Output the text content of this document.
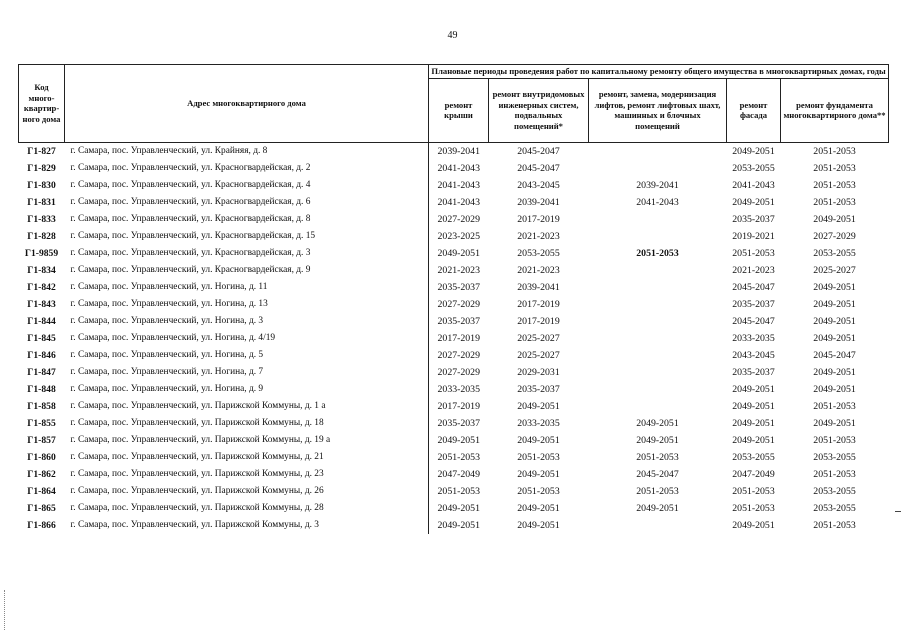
49
Код много-квартир-ного дома	Адрес многоквартирного дома	Плановые периоды проведения работ по капитальному ремонту общего имущества в многоквартирных домах, годы				
		ремонт крыши	ремонт внутридомовых инженерных систем, подвальных помещений*	ремонт, замена, модернизация лифтов, ремонт лифтовых шахт, машинных и блочных помещений	ремонт фасада	ремонт фундамента многоквартирного дома**
Г1-827	г. Самара, пос. Управленческий, ул. Крайняя, д. 8	2039-2041	2045-2047		2049-2051	2051-2053
Г1-829	г. Самара, пос. Управленческий, ул. Красногвардейская, д. 2	2041-2043	2045-2047		2053-2055	2051-2053
Г1-830	г. Самара, пос. Управленческий, ул. Красногвардейская, д. 4	2041-2043	2043-2045	2039-2041	2041-2043	2051-2053
Г1-831	г. Самара, пос. Управленческий, ул. Красногвардейская, д. 6	2041-2043	2039-2041	2041-2043	2049-2051	2051-2053
Г1-833	г. Самара, пос. Управленческий, ул. Красногвардейская, д. 8	2027-2029	2017-2019		2035-2037	2049-2051
Г1-828	г. Самара, пос. Управленческий, ул. Красногвардейская, д. 15	2023-2025	2021-2023		2019-2021	2027-2029
Г1-9859	г. Самара, пос. Управленческий, ул. Красногвардейская, д. 3	2049-2051	2053-2055	2051-2053	2051-2053	2053-2055
Г1-834	г. Самара, пос. Управленческий, ул. Красногвардейская, д. 9	2021-2023	2021-2023		2021-2023	2025-2027
Г1-842	г. Самара, пос. Управленческий, ул. Ногина, д. 11	2035-2037	2039-2041		2045-2047	2049-2051
Г1-843	г. Самара, пос. Управленческий, ул. Ногина, д. 13	2027-2029	2017-2019		2035-2037	2049-2051
Г1-844	г. Самара, пос. Управленческий, ул. Ногина, д. 3	2035-2037	2017-2019		2045-2047	2049-2051
Г1-845	г. Самара, пос. Управленческий, ул. Ногина, д. 4/19	2017-2019	2025-2027		2033-2035	2049-2051
Г1-846	г. Самара, пос. Управленческий, ул. Ногина, д. 5	2027-2029	2025-2027		2043-2045	2045-2047
Г1-847	г. Самара, пос. Управленческий, ул. Ногина, д. 7	2027-2029	2029-2031		2035-2037	2049-2051
Г1-848	г. Самара, пос. Управленческий, ул. Ногина, д. 9	2033-2035	2035-2037		2049-2051	2049-2051
Г1-858	г. Самара, пос. Управленческий, ул. Парижской Коммуны, д. 1 а	2017-2019	2049-2051		2049-2051	2051-2053
Г1-855	г. Самара, пос. Управленческий, ул. Парижской Коммуны, д. 18	2035-2037	2033-2035	2049-2051	2049-2051	2049-2051
Г1-857	г. Самара, пос. Управленческий, ул. Парижской Коммуны, д. 19 а	2049-2051	2049-2051	2049-2051	2049-2051	2051-2053
Г1-860	г. Самара, пос. Управленческий, ул. Парижской Коммуны, д. 21	2051-2053	2051-2053	2051-2053	2053-2055	2053-2055
Г1-862	г. Самара, пос. Управленческий, ул. Парижской Коммуны, д. 23	2047-2049	2049-2051	2045-2047	2047-2049	2051-2053
Г1-864	г. Самара, пос. Управленческий, ул. Парижской Коммуны, д. 26	2051-2053	2051-2053	2051-2053	2051-2053	2053-2055
Г1-865	г. Самара, пос. Управленческий, ул. Парижской Коммуны, д. 28	2049-2051	2049-2051	2049-2051	2051-2053	2053-2055
Г1-866	г. Самара, пос. Управленческий, ул. Парижской Коммуны, д. 3	2049-2051	2049-2051		2049-2051	2051-2053
